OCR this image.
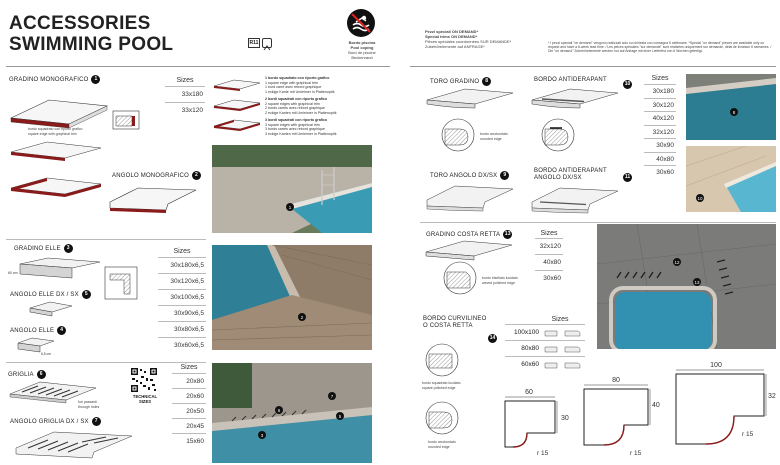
ACCESSORIES
SWIMMING POOL	R11	Bordo piscina
Pool coping
Bord de piscine
Beckenrand
Pezzi speciali ON DEMAND*
Special trims ON DEMAND*
Pièces spéciales coordonnées SUR DEMANDE*
Zubehörelemente auf ANFRAGE*
* I pezzi speciali "on demand" vengono realizzati solo su richiesta con consegna 6 settimane. *Special "on demand" pieces are available only on request and have a 6-week lead time. / Les pièces spéciales "sur demande" sont réalisées uniquement sur demande, délai de livraison 6 semaines. / Die "on demand" Zubehörelemente werden nur auf Anfrage mit einer Lieferfrist von 6 Wochen gefertigt.
GRADINO MONOGRAFICO 1
bordo squadrato con riporto grafico
square edge with graphical trim
Sizes
33x180
33x120
1 bordo squadrato con riporto grafico
1 square edge with graphical trim
1 bord carré avec rebord graphique
1 eckige Kante mit Umleimer in Plattenoptik
2 bordi squadrati con riporto grafico
2 square edges with graphical trim
2 bords carrés avec rebord graphique
2 eckige Kanten mit Umleimer in Plattenoptik
3 bordi squadrati con riporto grafico
3 square edges with graphical trim
3 bords carrés avec rebord graphique
3 eckige Kanten mit Umleimer in Plattenoptik
ANGOLO MONOGRAFICO 2
1
GRADINO ELLE 3
60 cm
Sizes
30x180x6,5
30x120x6,5
30x100x6,5
30x90x6,5
30x80x6,5
30x60x6,5
ANGOLO ELLE DX / SX 5
ANGOLO ELLE 4
6,5 cm
2
GRIGLIA 6
fori passanti
through holes
TECHNICAL
SIZES
Sizes
20x80
20x60
20x50
20x45
15x60
ANGOLO GRIGLIA DX / SX 7
3
6
7
5
TORO GRADINO 8
bordo arrotondato
rounded edge
BORDO ANTIDERAPANT
10
Sizes
30x180
30x120
40x120
32x120
30x90
40x80
30x60
TORO ANGOLO DX/SX 9
BORDO ANTIDERAPANT
ANGOLO DX/SX	11
8
10
GRADINO COSTA RETTA 13
bordo bisellato lucidato
waved polished edge
Sizes
32x120
40x80
30x60
12
13
BORDO CURVILINEO
O COSTA RETTA
14
Sizes
100x100
80x80
60x60
bordo squadrato lucidato
square polished edge
bordo arrotondato
rounded edge
60
30
r 15
80
40
r 15
100
32
r 15
